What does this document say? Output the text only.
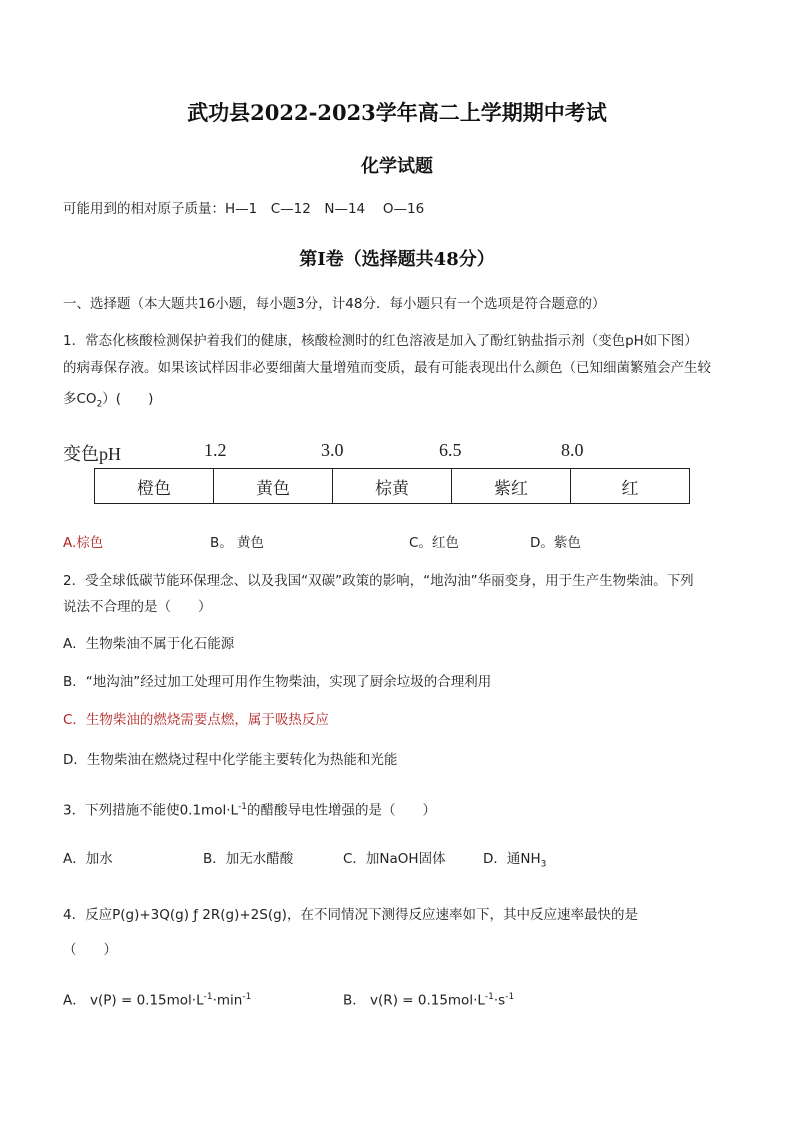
武功县2022-2023学年高二上学期期中考试
化学试题
可能用到的相对原子质量：H—1　C—12　N—14　 O—16
第Ⅰ卷（选择题共48分）
一、选择题（本大题共16小题，每小题3分，计48分．每小题只有一个选项是符合题意的）
1．常态化核酸检测保护着我们的健康，核酸检测时的红色溶液是加入了酚红钠盐指示剂（变色pH如下图）
的病毒保存液。如果该试样因非必要细菌大量增殖而变质，最有可能表现出什么颜色（已知细菌繁殖会产生较
多$CO_2$）(　　)
变色pH	1.2	3.0	6.5	8.0
橙色	黄色	棕黄	紫红	红
A.棕色	B。 黄色	C。红色	D。紫色
2．受全球低碳节能环保理念、以及我国“双碳”政策的影响，“地沟油”华丽变身，用于生产生物柴油。下列
说法不合理的是（　　）
A．生物柴油不属于化石能源
B．“地沟油”经过加工处理可用作生物柴油，实现了厨余垃圾的合理利用
C．生物柴油的燃烧需要点燃，属于吸热反应
D．生物柴油在燃烧过程中化学能主要转化为热能和光能
3．下列措施不能使$0.1mol\cdot L^{-1}$的醋酸导电性增强的是（　　）
A．加水	B．加无水醋酸	C．加NaOH固体	D．通$NH_3$
4．反应P(g)+3Q(g) ƒ 2R(g)+2S(g)，在不同情况下测得反应速率如下，其中反应速率最快的是
（　　）
A． $v(P) = 0.15mol\cdot L^{-1}\cdot\min^{-1}$	B． $v(R) = 0.15mol\cdot L^{-1}\cdot s^{-1}$
